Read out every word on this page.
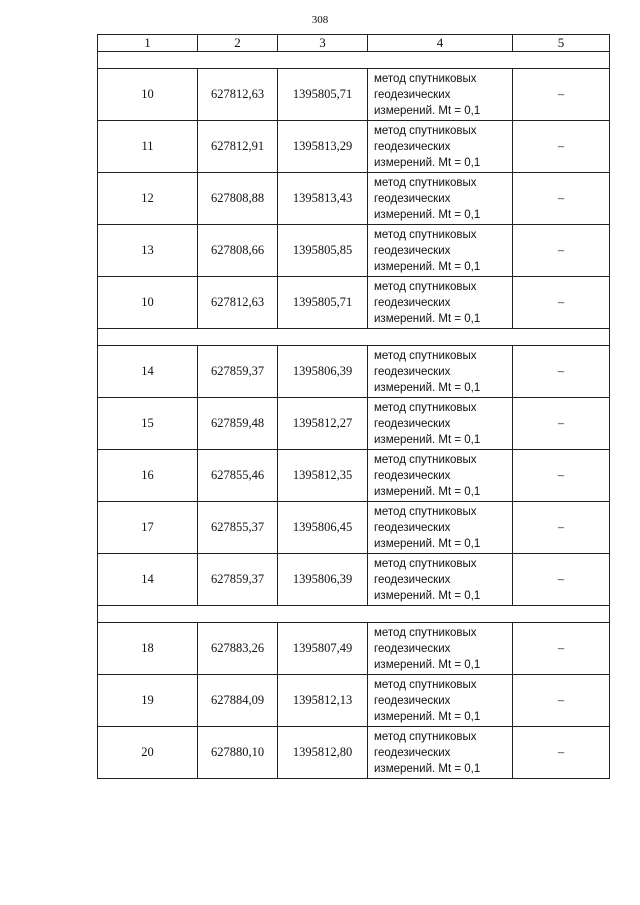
308
1	2	3	4	5

10	627812,63	1395805,71	метод спутниковых
геодезических
измерений. Mt = 0,1	–
11	627812,91	1395813,29	метод спутниковых
геодезических
измерений. Mt = 0,1	–
12	627808,88	1395813,43	метод спутниковых
геодезических
измерений. Mt = 0,1	–
13	627808,66	1395805,85	метод спутниковых
геодезических
измерений. Mt = 0,1	–
10	627812,63	1395805,71	метод спутниковых
геодезических
измерений. Mt = 0,1	–

14	627859,37	1395806,39	метод спутниковых
геодезических
измерений. Mt = 0,1	–
15	627859,48	1395812,27	метод спутниковых
геодезических
измерений. Mt = 0,1	–
16	627855,46	1395812,35	метод спутниковых
геодезических
измерений. Mt = 0,1	–
17	627855,37	1395806,45	метод спутниковых
геодезических
измерений. Mt = 0,1	–
14	627859,37	1395806,39	метод спутниковых
геодезических
измерений. Mt = 0,1	–

18	627883,26	1395807,49	метод спутниковых
геодезических
измерений. Mt = 0,1	–
19	627884,09	1395812,13	метод спутниковых
геодезических
измерений. Mt = 0,1	–
20	627880,10	1395812,80	метод спутниковых
геодезических
измерений. Mt = 0,1	–
